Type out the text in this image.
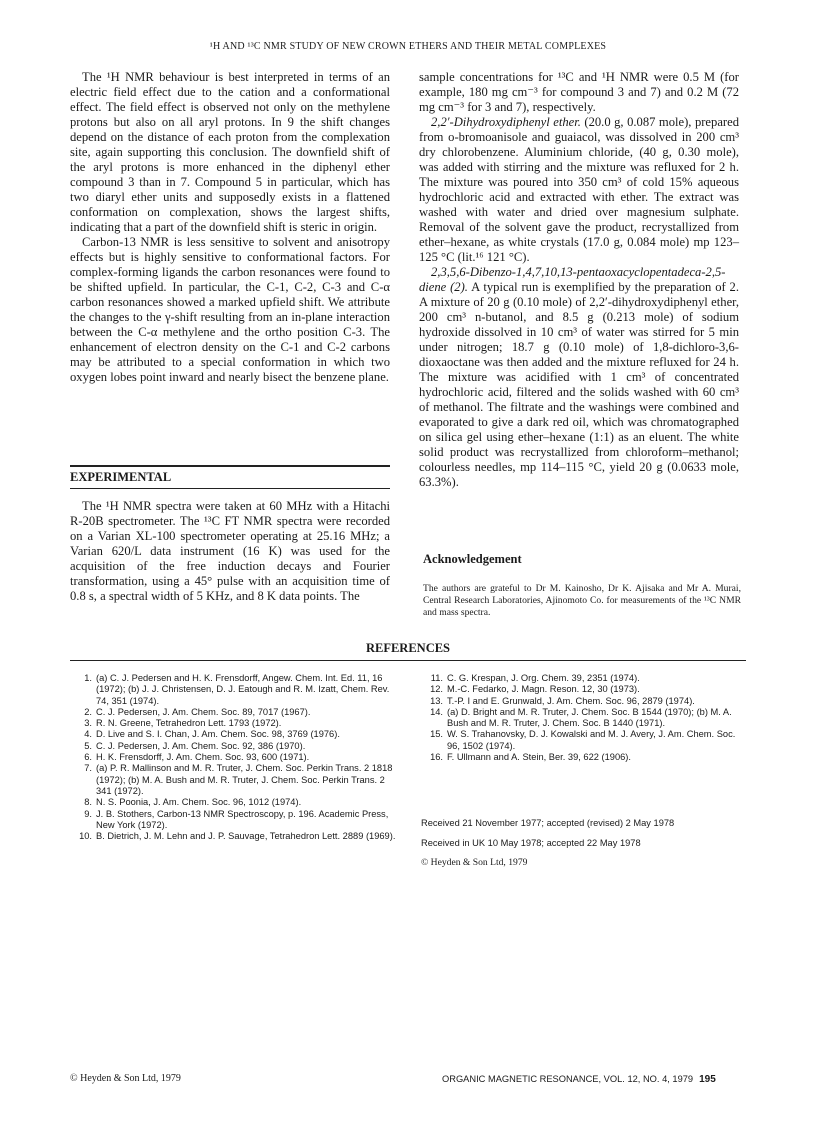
¹H AND ¹³C NMR STUDY OF NEW CROWN ETHERS AND THEIR METAL COMPLEXES

The ¹H NMR behaviour is best interpreted in terms of an electric field effect due to the cation and a conformational effect. The field effect is observed not only on the methylene protons but also on all aryl protons. In 9 the shift changes depend on the distance of each proton from the complexation site, again supporting this conclusion. The downfield shift of the aryl protons is more enhanced in the diphenyl ether compound 3 than in 7. Compound 5 in particular, which has two diaryl ether units and supposedly exists in a flattened conformation on complexation, shows the largest shifts, indicating that a part of the downfield shift is steric in origin.

Carbon-13 NMR is less sensitive to solvent and anisotropy effects but is highly sensitive to conformational factors. For complex-forming ligands the carbon resonances were found to be shifted upfield. In particular, the C-1, C-2, C-3 and C-α carbon resonances showed a marked upfield shift. We attribute the changes to the γ-shift resulting from an in-plane interaction between the C-α methylene and the ortho position C-3. The enhancement of electron density on the C-1 and C-2 carbons may be attributed to a special conformation in which two oxygen lobes point inward and nearly bisect the benzene plane.

EXPERIMENTAL

The ¹H NMR spectra were taken at 60 MHz with a Hitachi R-20B spectrometer. The ¹³C FT NMR spectra were recorded on a Varian XL-100 spectrometer operating at 25.16 MHz; a Varian 620/L data instrument (16 K) was used for the acquisition of the free induction decays and Fourier transformation, using a 45° pulse with an acquisition time of 0.8 s, a spectral width of 5 KHz, and 8 K data points. The

sample concentrations for ¹³C and ¹H NMR were 0.5 M (for example, 180 mg cm⁻³ for compound 3 and 7) and 0.2 M (72 mg cm⁻³ for 3 and 7), respectively.

2,2′-Dihydroxydiphenyl ether. (20.0 g, 0.087 mole), prepared from o-bromoanisole and guaiacol, was dissolved in 200 cm³ dry chlorobenzene. Aluminium chloride, (40 g, 0.30 mole), was added with stirring and the mixture was refluxed for 2 h. The mixture was poured into 350 cm³ of cold 15% aqueous hydrochloric acid and extracted with ether. The extract was washed with water and dried over magnesium sulphate. Removal of the solvent gave the product, recrystallized from ether–hexane, as white crystals (17.0 g, 0.084 mole) mp 123–125 °C (lit.¹⁶ 121 °C).

2,3,5,6-Dibenzo-1,4,7,10,13-pentaoxacyclopentadeca-2,5-diene (2). A typical run is exemplified by the preparation of 2. A mixture of 20 g (0.10 mole) of 2,2′-dihydroxydiphenyl ether, 200 cm³ n-butanol, and 8.5 g (0.213 mole) of sodium hydroxide dissolved in 10 cm³ of water was stirred for 5 min under nitrogen; 18.7 g (0.10 mole) of 1,8-dichloro-3,6-dioxaoctane was then added and the mixture refluxed for 24 h. The mixture was acidified with 1 cm³ of concentrated hydrochloric acid, filtered and the solids washed with 60 cm³ of methanol. The filtrate and the washings were combined and evaporated to give a dark red oil, which was chromatographed on silica gel using ether–hexane (1:1) as an eluent. The white solid product was recrystallized from chloroform–methanol; colourless needles, mp 114–115 °C, yield 20 g (0.0633 mole, 63.3%).

Acknowledgement
The authors are grateful to Dr M. Kainosho, Dr K. Ajisaka and Mr A. Murai, Central Research Laboratories, Ajinomoto Co. for measurements of the ¹³C NMR and mass spectra.
REFERENCES
1. (a) C. J. Pedersen and H. K. Frensdorff, Angew. Chem. Int. Ed. 11, 16 (1972); (b) J. J. Christensen, D. J. Eatough and R. M. Izatt, Chem. Rev. 74, 351 (1974).
2. C. J. Pedersen, J. Am. Chem. Soc. 89, 7017 (1967).
3. R. N. Greene, Tetrahedron Lett. 1793 (1972).
4. D. Live and S. I. Chan, J. Am. Chem. Soc. 98, 3769 (1976).
5. C. J. Pedersen, J. Am. Chem. Soc. 92, 386 (1970).
6. H. K. Frensdorff, J. Am. Chem. Soc. 93, 600 (1971).
7. (a) P. R. Mallinson and M. R. Truter, J. Chem. Soc. Perkin Trans. 2 1818 (1972); (b) M. A. Bush and M. R. Truter, J. Chem. Soc. Perkin Trans. 2 341 (1972).
8. N. S. Poonia, J. Am. Chem. Soc. 96, 1012 (1974).
9. J. B. Stothers, Carbon-13 NMR Spectroscopy, p. 196. Academic Press, New York (1972).
10. B. Dietrich, J. M. Lehn and J. P. Sauvage, Tetrahedron Lett. 2889 (1969).
11. C. G. Krespan, J. Org. Chem. 39, 2351 (1974).
12. M.-C. Fedarko, J. Magn. Reson. 12, 30 (1973).
13. T.-P. I and E. Grunwald, J. Am. Chem. Soc. 96, 2879 (1974).
14. (a) D. Bright and M. R. Truter, J. Chem. Soc. B 1544 (1970); (b) M. A. Bush and M. R. Truter, J. Chem. Soc. B 1440 (1971).
15. W. S. Trahanovsky, D. J. Kowalski and M. J. Avery, J. Am. Chem. Soc. 96, 1502 (1974).
16. F. Ullmann and A. Stein, Ber. 39, 622 (1906).
Received 21 November 1977; accepted (revised) 2 May 1978
Received in UK 10 May 1978; accepted 22 May 1978
© Heyden & Son Ltd, 1979
© Heyden & Son Ltd, 1979	ORGANIC MAGNETIC RESONANCE, VOL. 12, NO. 4, 1979 195
